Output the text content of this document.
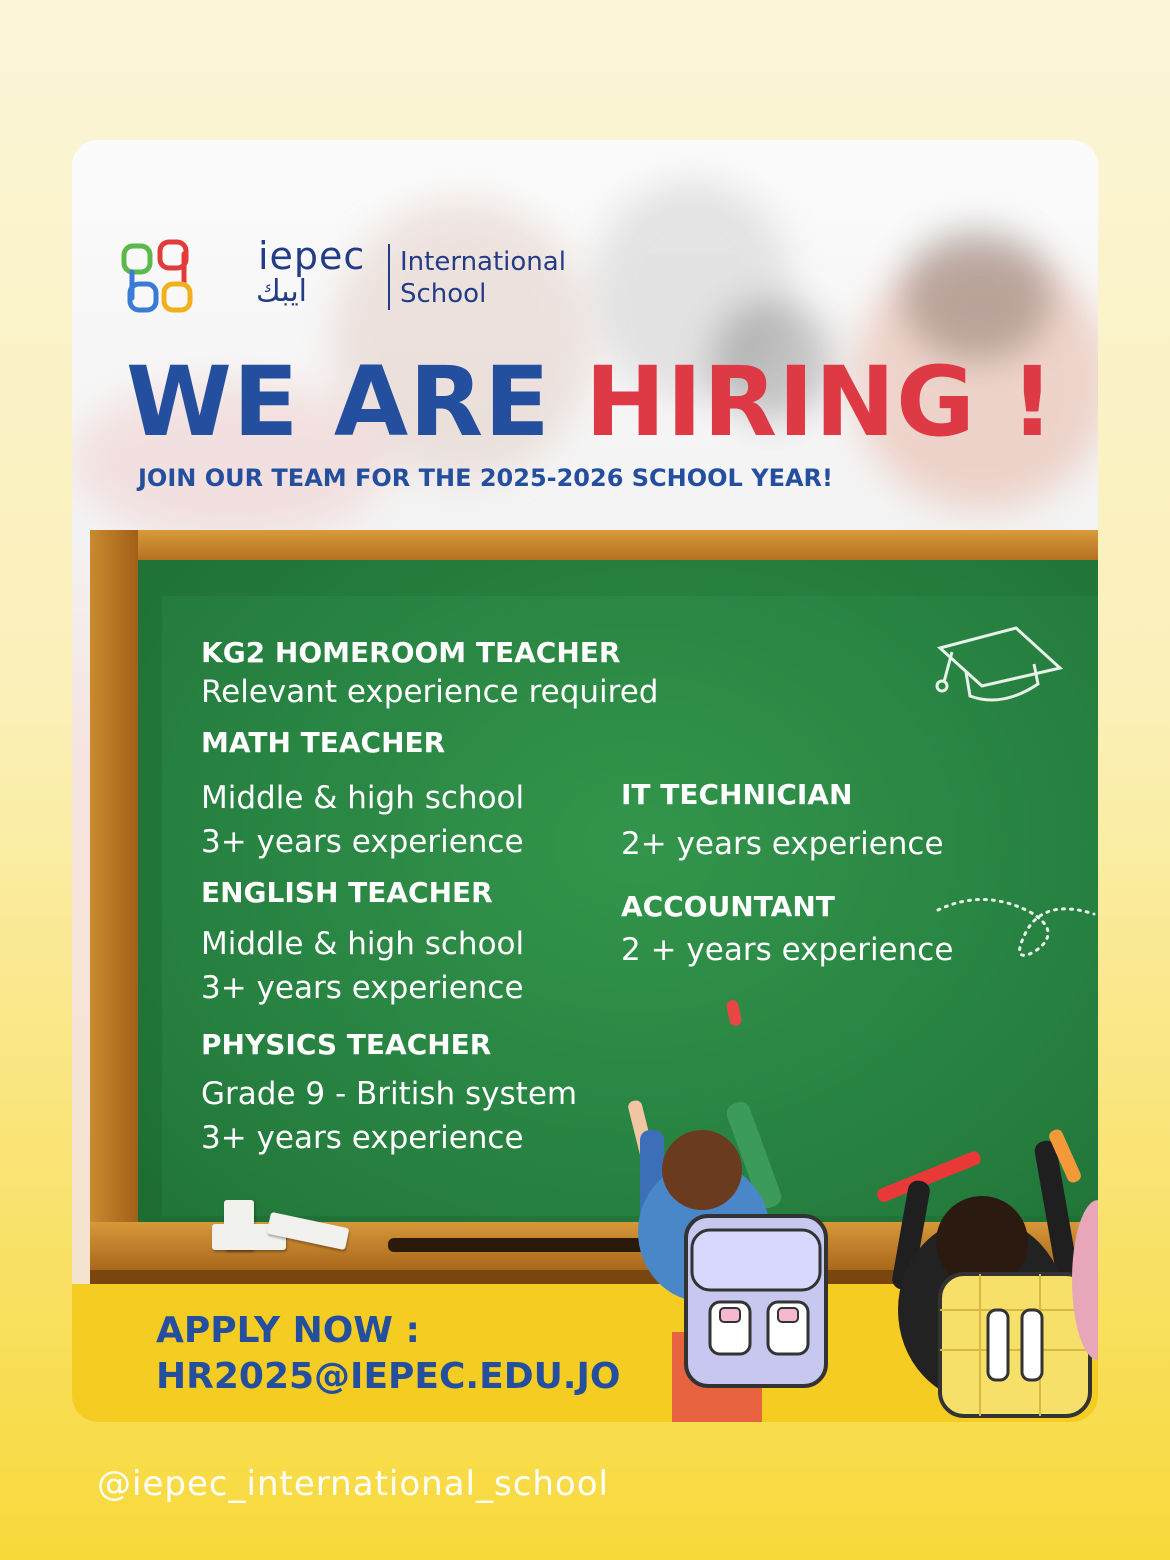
iepec
ايبك
International
School
WE ARE HIRING !
JOIN OUR TEAM FOR THE 2025-2026 SCHOOL YEAR!
KG2 HOMEROOM TEACHER
Relevant experience required
MATH TEACHER
Middle & high school
3+ years experience
ENGLISH TEACHER
Middle & high school
3+ years experience
PHYSICS TEACHER
Grade 9 - British system
3+ years experience
IT TECHNICIAN
2+ years experience
ACCOUNTANT
2 + years experience
APPLY NOW :
HR2025@IEPEC.EDU.JO
@iepec_international_school
